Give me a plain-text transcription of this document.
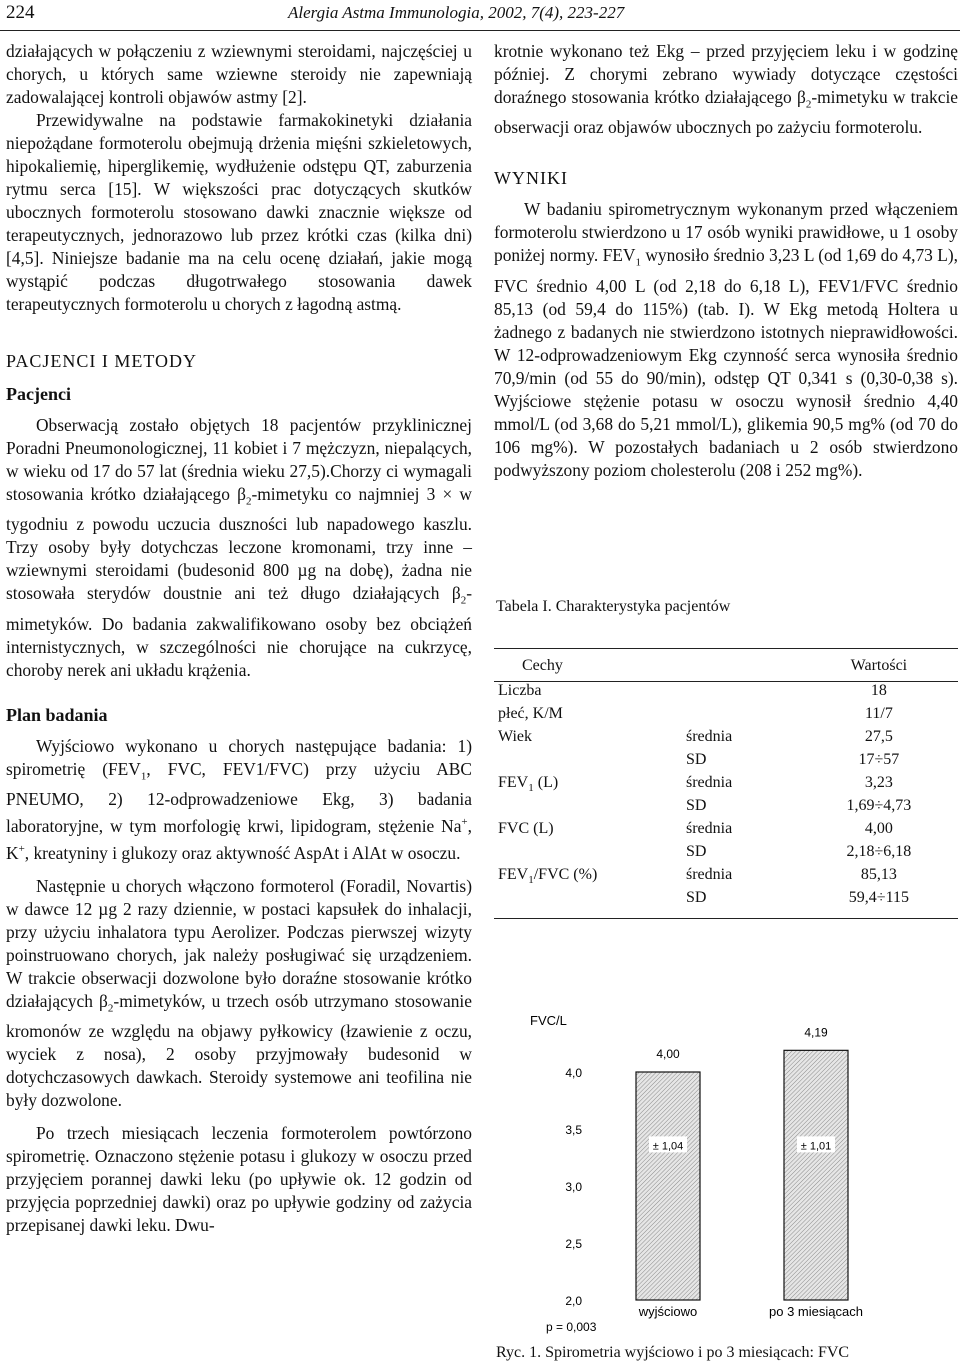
224	Alergia Astma Immunologia, 2002, 7(4), 223-227

działających w połączeniu z wziewnymi steroidami, najczęściej u chorych, u których same wziewne steroidy nie zapewniają zadowalającej kontroli objawów astmy [2].

Przewidywalne na podstawie farmakokinetyki działania niepożądane formoterolu obejmują drżenia mięśni szkieletowych, hipokaliemię, hiperglikemię, wydłużenie odstępu QT, zaburzenia rytmu serca [15]. W większości prac dotyczących skutków ubocznych formoterolu stosowano dawki znacznie większe od terapeutycznych, jednorazowo lub przez krótki czas (kilka dni) [4,5]. Niniejsze badanie ma na celu ocenę działań, jakie mogą wystąpić podczas długotrwałego stosowania dawek terapeutycznych formoterolu u chorych z łagodną astmą.

PACJENCI I METODY
Pacjenci

Obserwacją zostało objętych 18 pacjentów przyklinicznej Poradni Pneumonologicznej, 11 kobiet i 7 mężczyzn, niepalących, w wieku od 17 do 57 lat (średnia wieku 27,5).Chorzy ci wymagali stosowania krótko działającego $\beta_2$-mimetyku co najmniej 3 × w tygodniu z powodu uczucia duszności lub napadowego kaszlu. Trzy osoby były dotychczas leczone kromonami, trzy inne – wziewnymi steroidami (budesonid 800 µg na dobę), żadna nie stosowała sterydów doustnie ani też długo działających $\beta_2$-mimetyków. Do badania zakwalifikowano osoby bez obciążeń internistycznych, w szczególności nie chorujące na cukrzycę, choroby nerek ani układu krążenia.

Plan badania

Wyjściowo wykonano u chorych następujące badania: 1) spirometrię ($FEV_1$, FVC, FEV1/FVC) przy użyciu ABC PNEUMO, 2) 12-odprowadzeniowe Ekg, 3) badania laboratoryjne, w tym morfologię krwi, lipidogram, stężenie Na+, K+, kreatyniny i glukozy oraz aktywność AspAt i AlAt w osoczu.

Następnie u chorych włączono formoterol (Foradil, Novartis) w dawce 12 µg 2 razy dziennie, w postaci kapsułek do inhalacji, przy użyciu inhalatora typu Aerolizer. Podczas pierwszej wizyty poinstruowano chorych, jak należy posługiwać się urządzeniem. W trakcie obserwacji dozwolone było doraźne stosowanie krótko działających $\beta_2$-mimetyków, u trzech osób utrzymano stosowanie kromonów ze względu na objawy pyłkowicy (łzawienie z oczu, wyciek z nosa), 2 osoby przyjmowały budesonid w dotychczasowych dawkach. Steroidy systemowe ani teofilina nie były dozwolone.

Po trzech miesiącach leczenia formoterolem powtórzono spirometrię. Oznaczono stężenie potasu i glukozy w osoczu przed przyjęciem porannej dawki leku (po upływie ok. 12 godzin od przyjęcia poprzedniej dawki) oraz po upływie godziny od zażycia przepisanej dawki leku. Dwu-

krotnie wykonano też Ekg – przed przyjęciem leku i w godzinę później. Z chorymi zebrano wywiady dotyczące częstości doraźnego stosowania krótko działającego $\beta_2$-mimetyku w trakcie obserwacji oraz objawów ubocznych po zażyciu formoterolu.

WYNIKI

W badaniu spirometrycznym wykonanym przed włączeniem formoterolu stwierdzono u 17 osób wyniki prawidłowe, u 1 osoby poniżej normy. $FEV_1$ wynosiło średnio 3,23 L (od 1,69 do 4,73 L), FVC średnio 4,00 L (od 2,18 do 6,18 L), FEV1/FVC średnio 85,13 (od 59,4 do 115%) (tab. I). W Ekg metodą Holtera u żadnego z badanych nie stwierdzono istotnych nieprawidłowości. W 12-odprowadzeniowym Ekg czynność serca wynosiła średnio 70,9/min (od 55 do 90/min), odstęp QT 0,341 s (0,30-0,38 s). Wyjściowe stężenie potasu w osoczu wynosił średnio 4,40 mmol/L (od 3,68 do 5,21 mmol/L), glikemia 90,5 mg% (od 70 do 106 mg%). W pozostałych badaniach u 2 osób stwierdzono podwyższony poziom cholesterolu (208 i 252 mg%).

Tabela I. Charakterystyka pacjentów
Cechy		Wartości
Liczba		18
płeć, K/M		11/7
Wiek	średnia	27,5
	SD	17÷57
$FEV_1$ (L)	średnia	3,23
	SD	1,69÷4,73
FVC (L)	średnia	4,00
	SD	2,18÷6,18
$FEV_1$/FVC (%)	średnia	85,13
	SD	59,4÷115
FVC/L
2,0
2,5
3,0
3,5
4,0
4,00
± 1,04
wyjściowo
4,19
± 1,01
po 3 miesiącach
p = 0,003
Ryc. 1. Spirometria wyjściowo i po 3 miesiącach: FVC
